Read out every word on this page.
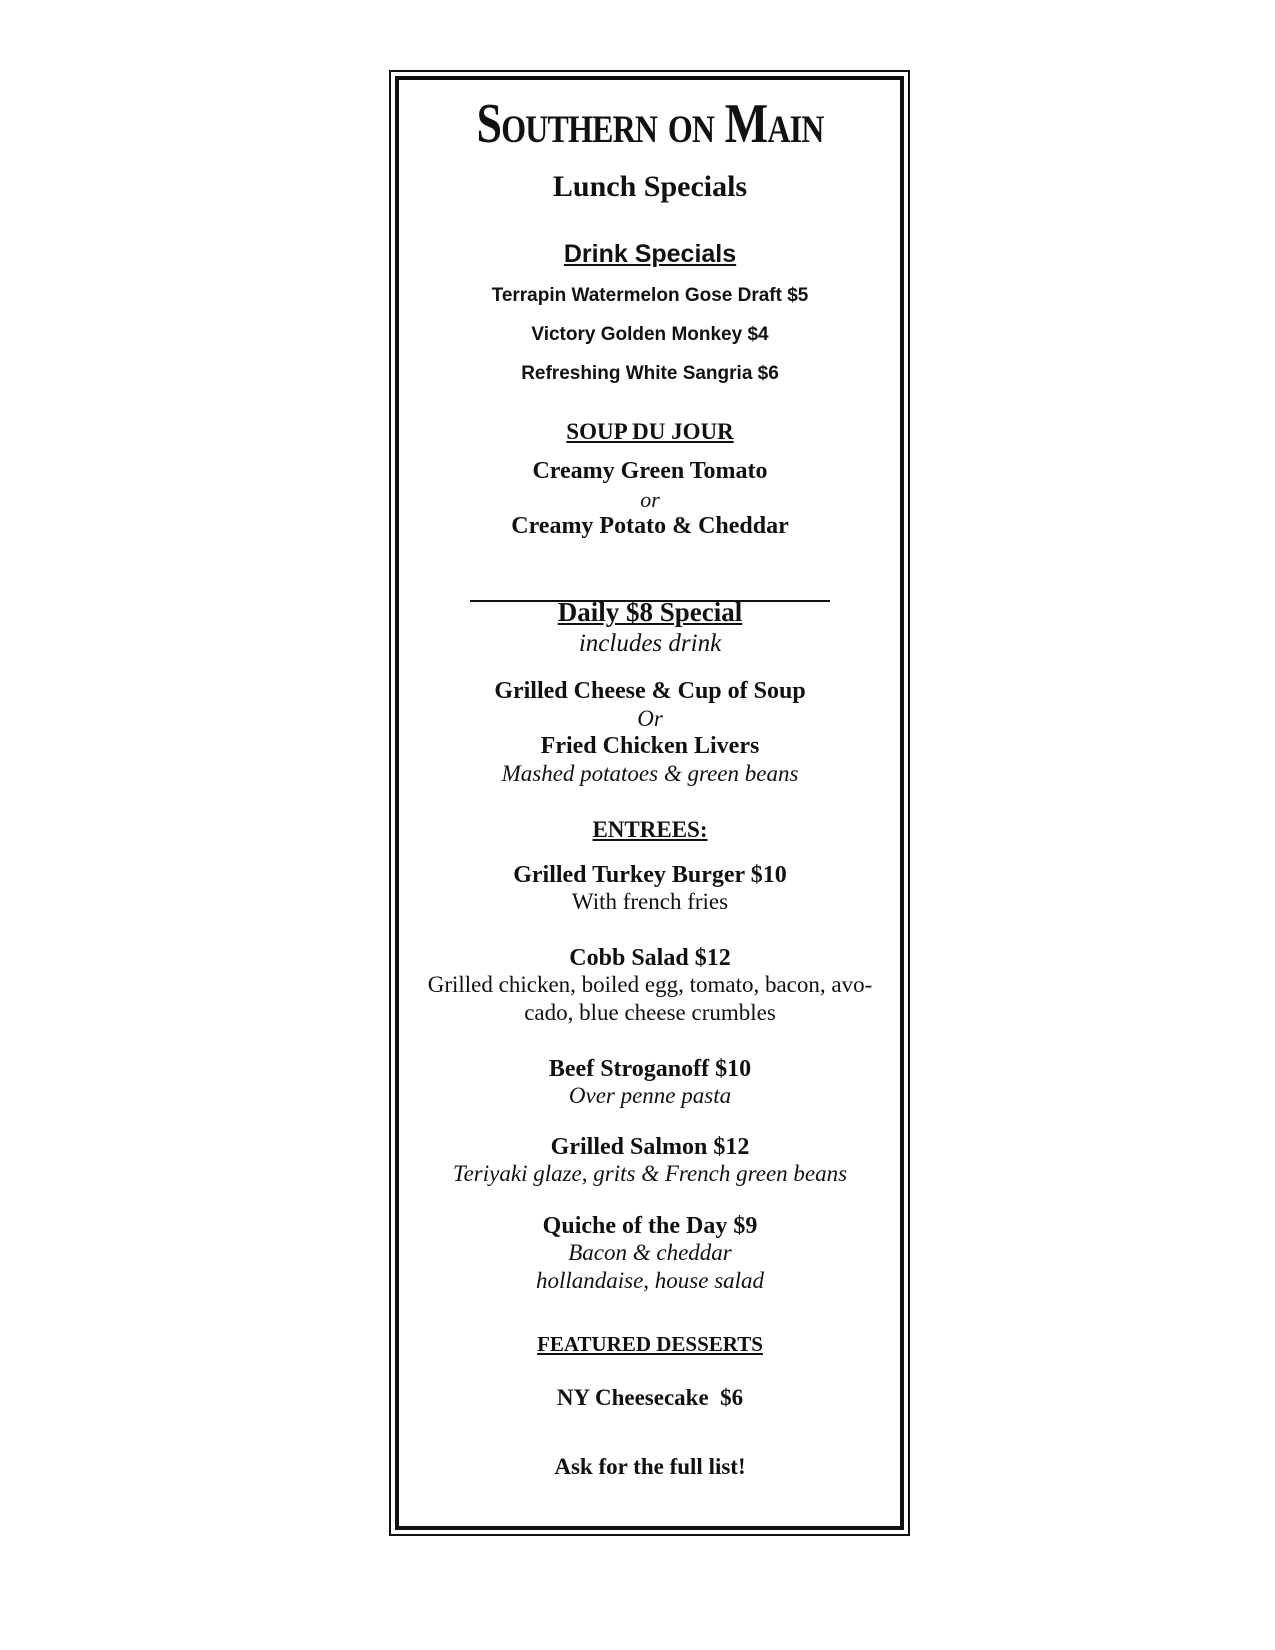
Southern on Main
Lunch Specials
Drink Specials
Terrapin Watermelon Gose Draft $5
Victory Golden Monkey $4
Refreshing White Sangria $6
SOUP DU JOUR
Creamy Green Tomato
or
Creamy Potato & Cheddar
Daily $8 Special
includes drink
Grilled Cheese & Cup of Soup
Or
Fried Chicken Livers
Mashed potatoes & green beans
ENTREES:
Grilled Turkey Burger $10
With french fries
Cobb Salad $12
Grilled chicken, boiled egg, tomato, bacon, avo-
cado, blue cheese crumbles
Beef Stroganoff $10
Over penne pasta
Grilled Salmon $12
Teriyaki glaze, grits & French green beans
Quiche of the Day $9
Bacon & cheddar
hollandaise, house salad
FEATURED DESSERTS
NY Cheesecake  $6
Ask for the full list!
